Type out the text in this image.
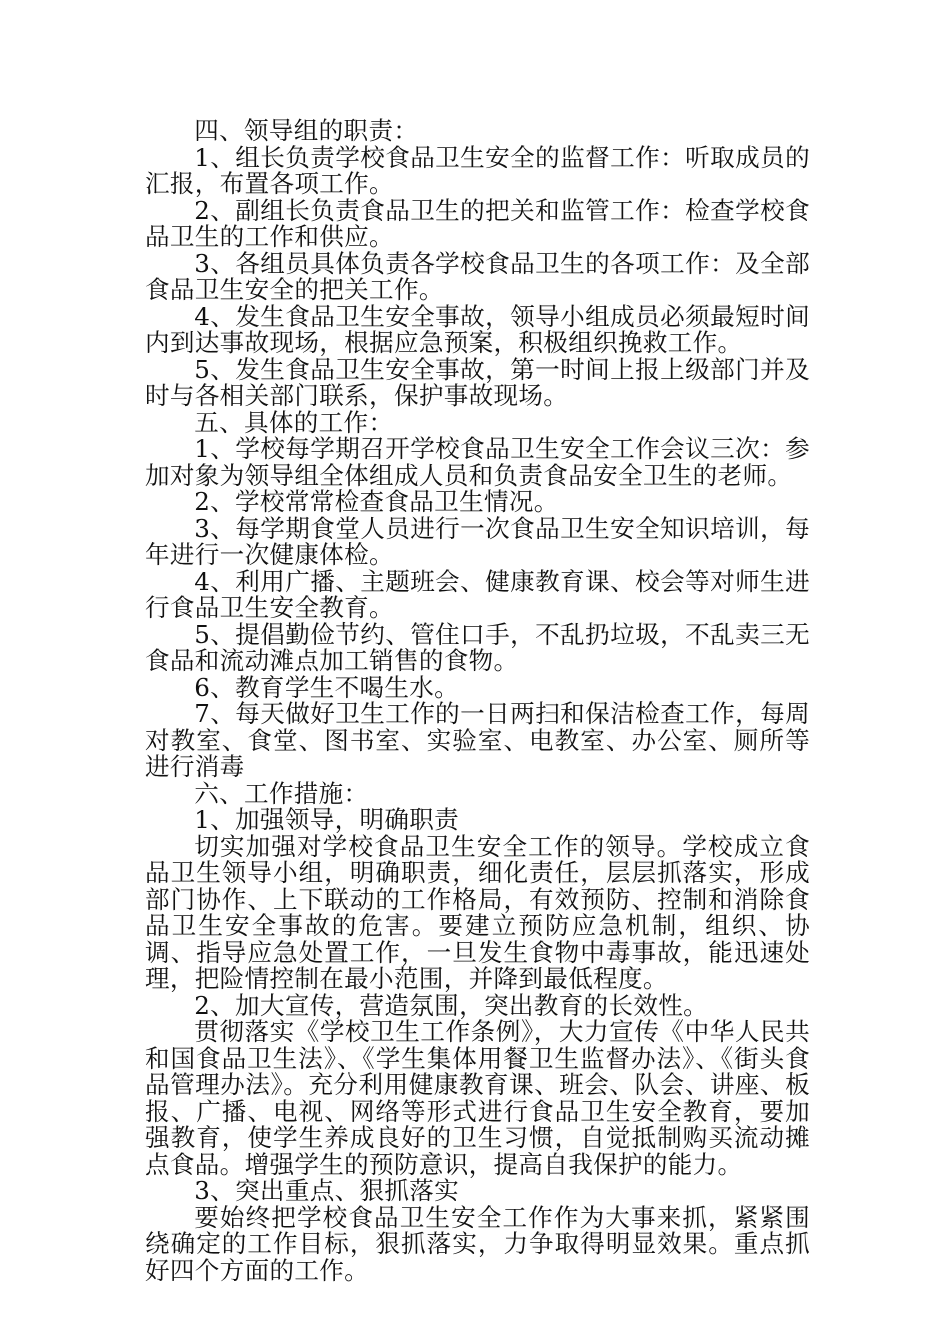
四、领导组的职责：

1、组长负责学校食品卫生安全的监督工作：听取成员的汇报，布置各项工作。

2、副组长负责食品卫生的把关和监管工作：检查学校食品卫生的工作和供应。

3、各组员具体负责各学校食品卫生的各项工作：及全部食品卫生安全的把关工作。

4、发生食品卫生安全事故，领导小组成员必须最短时间内到达事故现场，根据应急预案，积极组织挽救工作。

5、发生食品卫生安全事故，第一时间上报上级部门并及时与各相关部门联系，保护事故现场。

五、具体的工作：

1、学校每学期召开学校食品卫生安全工作会议三次：参加对象为领导组全体组成人员和负责食品安全卫生的老师。

2、学校常常检查食品卫生情况。

3、每学期食堂人员进行一次食品卫生安全知识培训，每年进行一次健康体检。

4、利用广播、主题班会、健康教育课、校会等对师生进行食品卫生安全教育。

5、提倡勤俭节约、管住口手，不乱扔垃圾，不乱卖三无食品和流动滩点加工销售的食物。

6、教育学生不喝生水。

7、每天做好卫生工作的一日两扫和保洁检查工作，每周对教室、食堂、图书室、实验室、电教室、办公室、厕所等进行消毒

六、工作措施：

1、加强领导，明确职责

切实加强对学校食品卫生安全工作的领导。学校成立食品卫生领导小组，明确职责，细化责任，层层抓落实，形成部门协作、上下联动的工作格局，有效预防、控制和消除食品卫生安全事故的危害。要建立预防应急机制，组织、协调、指导应急处置工作，一旦发生食物中毒事故，能迅速处理，把险情控制在最小范围，并降到最低程度。

2、加大宣传，营造氛围，突出教育的长效性。

贯彻落实《学校卫生工作条例》，大力宣传《中华人民共和国食品卫生法》、《学生集体用餐卫生监督办法》、《街头食品管理办法》。充分利用健康教育课、班会、队会、讲座、板报、广播、电视、网络等形式进行食品卫生安全教育，要加强教育，使学生养成良好的卫生习惯，自觉抵制购买流动摊点食品。增强学生的预防意识，提高自我保护的能力。

3、突出重点、狠抓落实

要始终把学校食品卫生安全工作作为大事来抓，紧紧围绕确定的工作目标，狠抓落实，力争取得明显效果。重点抓好四个方面的工作。
